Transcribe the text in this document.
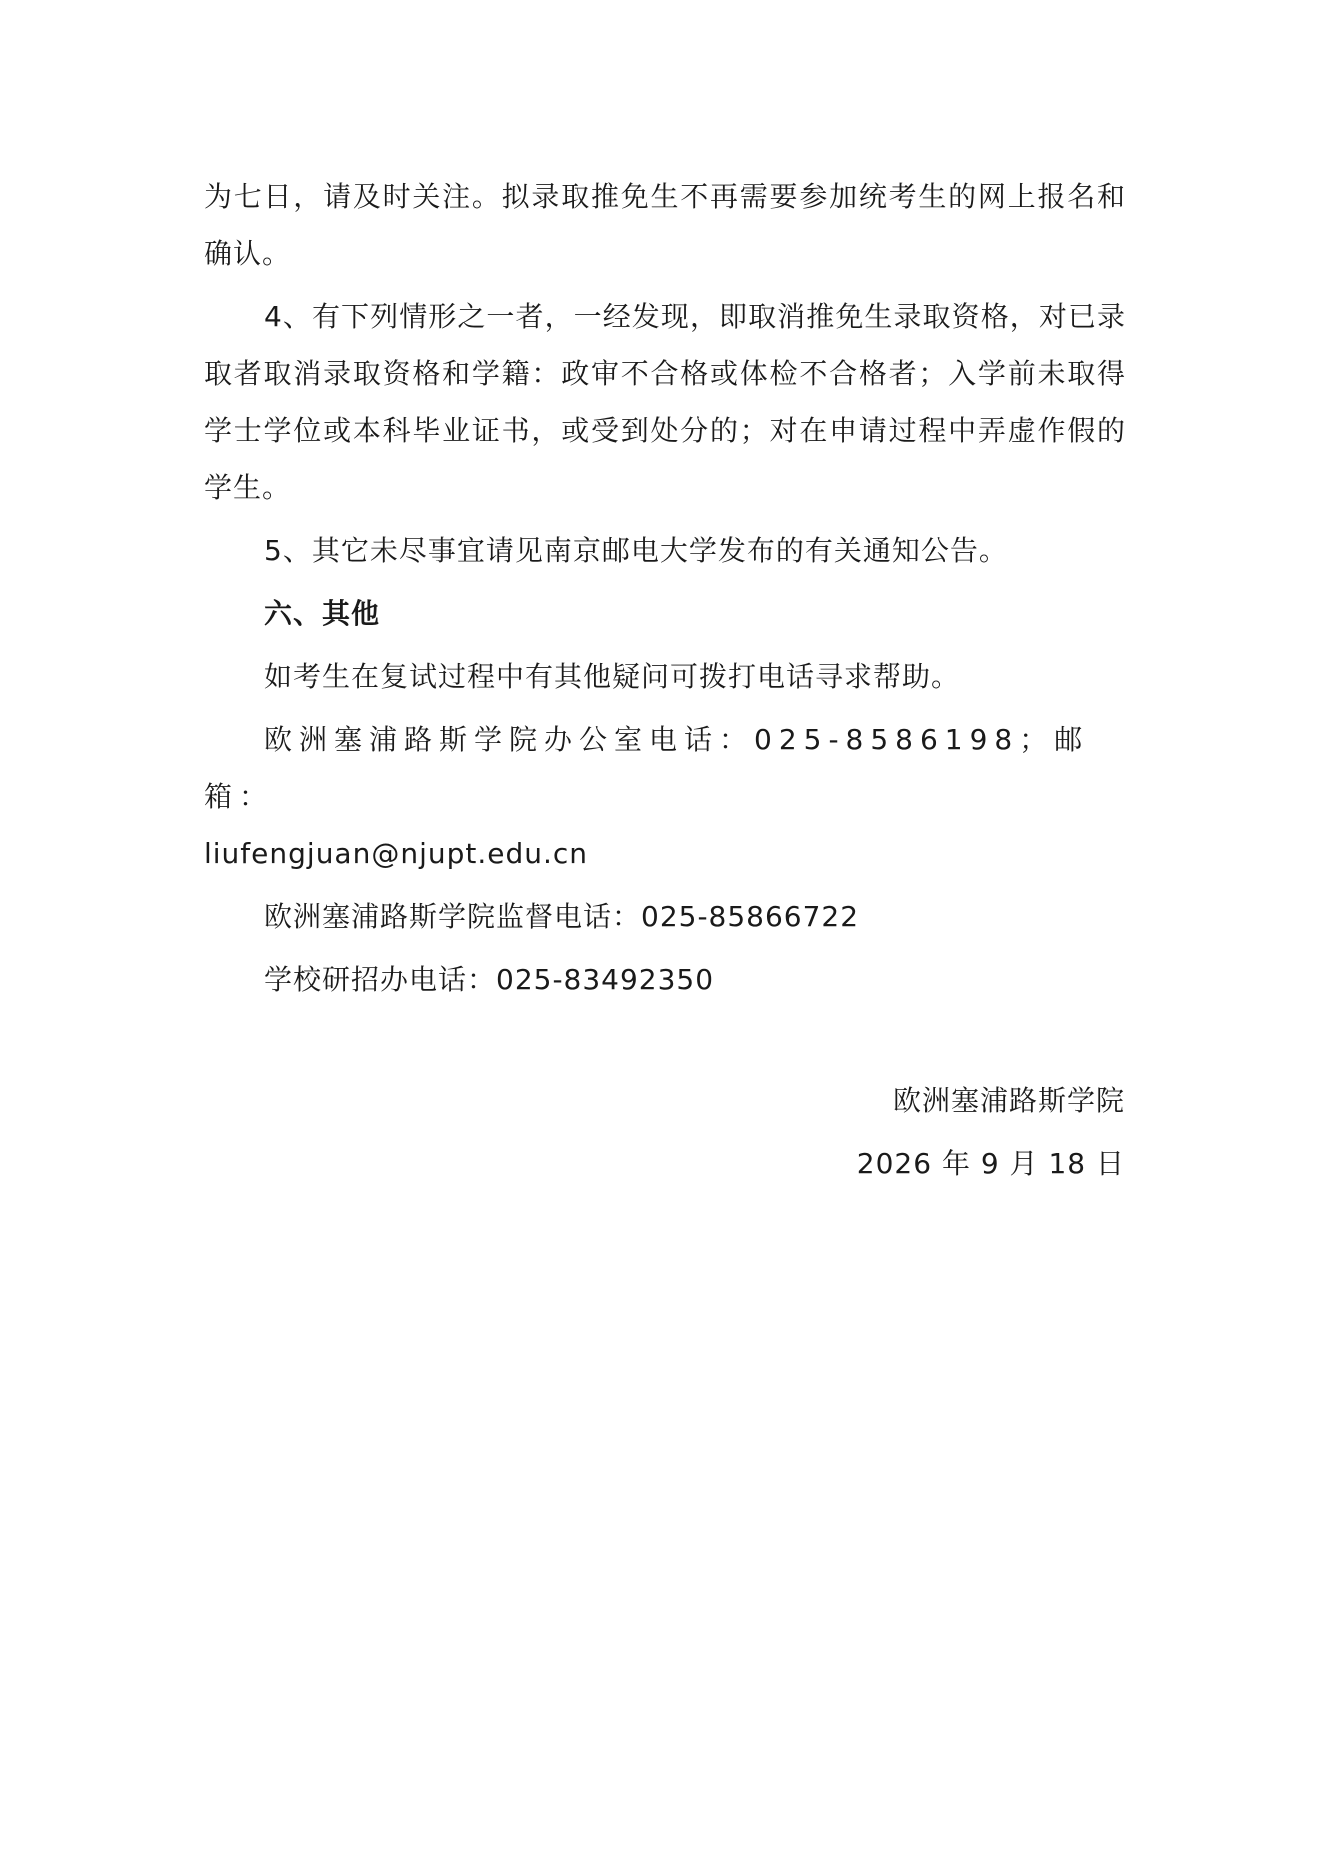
为七日，请及时关注。拟录取推免生不再需要参加统考生的网上报名和确认。

4、有下列情形之一者，一经发现，即取消推免生录取资格，对已录取者取消录取资格和学籍：政审不合格或体检不合格者；入学前未取得学士学位或本科毕业证书，或受到处分的；对在申请过程中弄虚作假的学生。

5、其它未尽事宜请见南京邮电大学发布的有关通知公告。

六、其他

如考生在复试过程中有其他疑问可拨打电话寻求帮助。

欧洲塞浦路斯学院办公室电话：025-8586198；邮箱：

liufengjuan@njupt.edu.cn

欧洲塞浦路斯学院监督电话：025-85866722

学校研招办电话：025-83492350

欧洲塞浦路斯学院
2026 年 9 月 18 日
